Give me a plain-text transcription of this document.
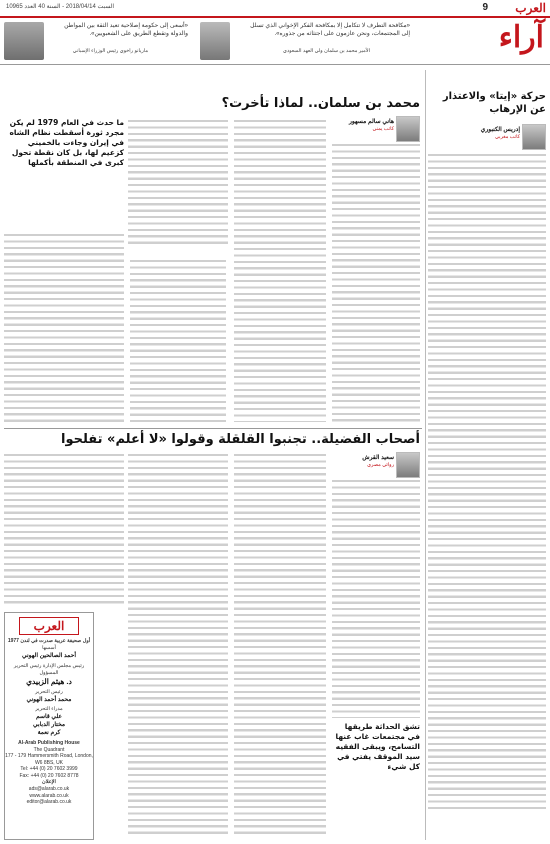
العرب
9
السبت 2018/04/14 - السنة 40 العدد 10965
آراء
«مكافحة التطرف لا تتكامل إلا بمكافحة الفكر الإخواني الذي تسلل إلى المجتمعات، ونحن عازمون على اجتثاثه من جذوره».
الأمير محمد بن سلمان ولي العهد السعودي
«أسعى إلى حكومة إصلاحية تعيد الثقة بين المواطن والدولة وتقطع الطريق على الشعبويين».
ماريانو راخوي رئيس الوزراء الإسباني
حركة «إيتا» والاعتذار عن الإرهاب
إدريس الكنبوري
كاتب مغربي
محمد بن سلمان.. لماذا تأخرت؟
هاني سالم مسهور
كاتب يمني
ما حدث في العام 1979 لم يكن مجرد ثورة أسقطت نظام الشاه في إيران وجاءت بالخميني كزعيم لها، بل كان نقطة تحول كبرى في المنطقة بأكملها
أصحاب الفضيلة.. تجنبوا القلقلة وقولوا «لا أعلم» تفلحوا
سعيد القرش
روائي مصري
تشق الحداثة طريقها في مجتمعات غاب عنها التسامح، ويبقى الفقيه سيد الموقف يفتي في كل شيء
العرب
أول صحيفة عربية صدرت في لندن 1977
أسسها
أحمد الصالحين الهوني
رئيس مجلس الإدارة رئيس التحرير المسؤول
د. هيثم الزبيدي
رئيس التحرير
محمد أحمد الهوني
مدراء التحرير
علي قاسم
مختار الدبابي
كرم نعمة
Al-Arab Publishing House
The Quadrant
177 - 179 Hammersmith Road, London, W6 8BS, UK
Tel: +44 (0) 20 7602 3999
Fax: +44 (0) 20 7602 8778
الإعلان
ads@alarab.co.uk
www.alarab.co.uk
editor@alarab.co.uk
